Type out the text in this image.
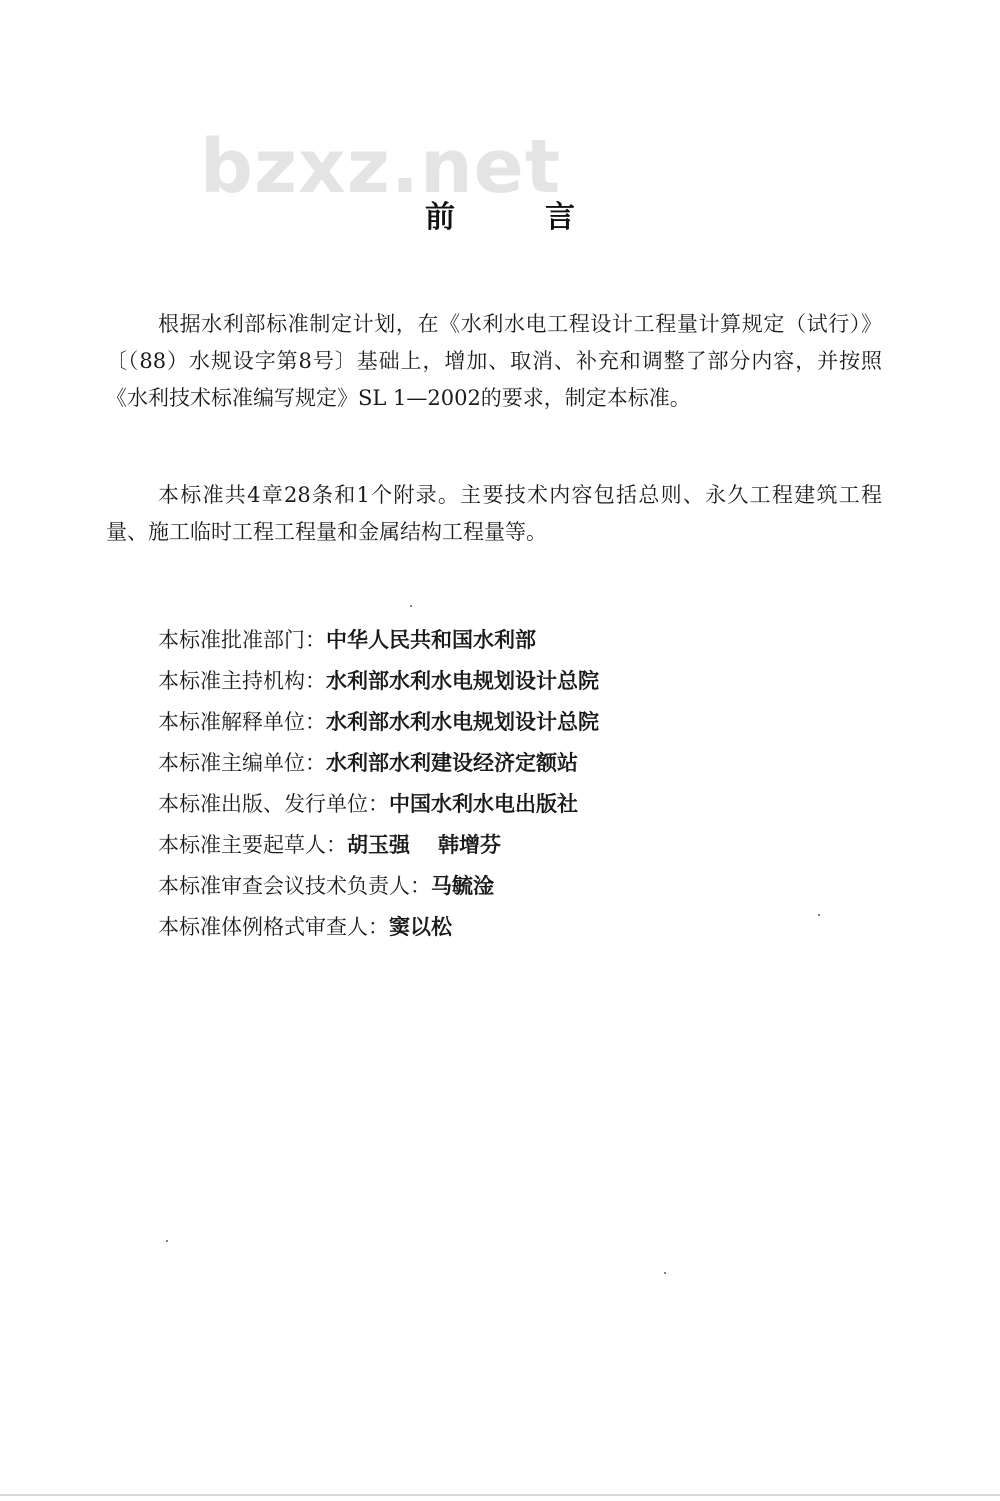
bzxz.net
前	言

根据水利部标准制定计划，在《水利水电工程设计工程量计算规定（试行）》〔（88）水规设字第8号〕基础上，增加、取消、补充和调整了部分内容，并按照《水利技术标准编写规定》SL 1—2002的要求，制定本标准。

本标准共4章28条和1个附录。主要技术内容包括总则、永久工程建筑工程量、施工临时工程工程量和金属结构工程量等。

本标准批准部门：中华人民共和国水利部
本标准主持机构：水利部水利水电规划设计总院
本标准解释单位：水利部水利水电规划设计总院
本标准主编单位：水利部水利建设经济定额站
本标准出版、发行单位：中国水利水电出版社
本标准主要起草人：胡玉强 韩增芬
本标准审查会议技术负责人：马毓淦
本标准体例格式审查人：窦以松
